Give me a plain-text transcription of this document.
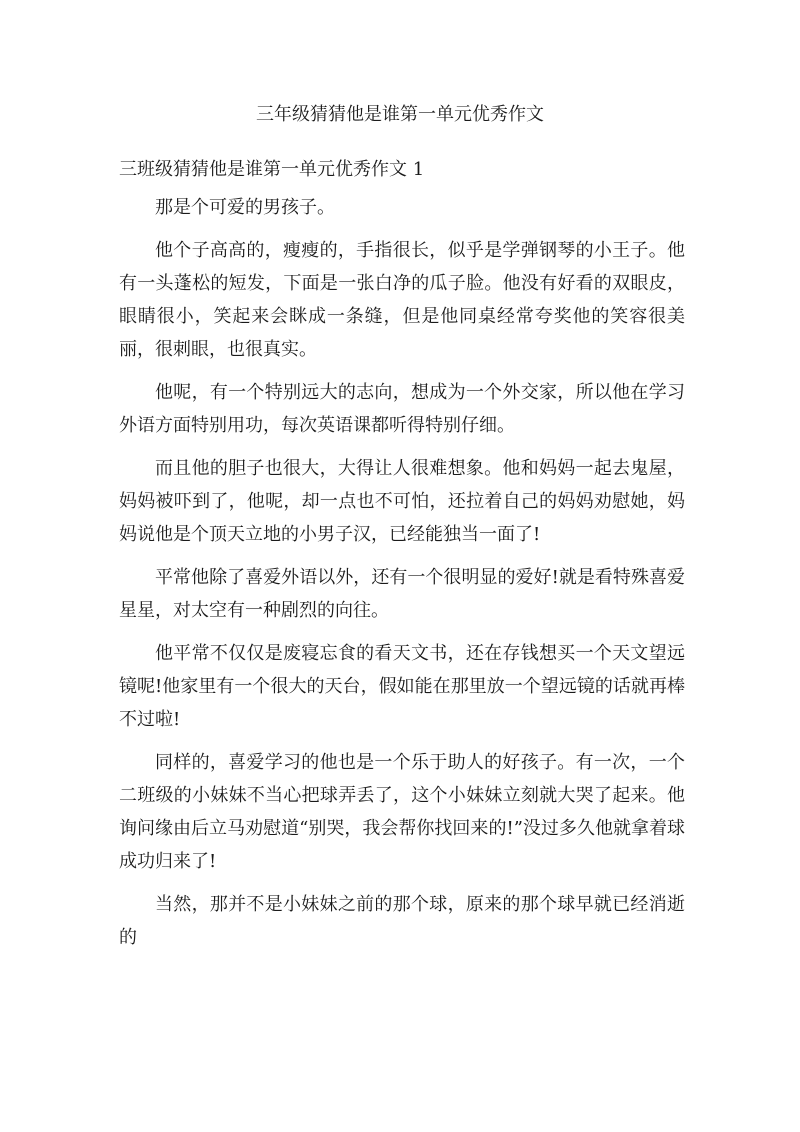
三年级猜猜他是谁第一单元优秀作文
三班级猜猜他是谁第一单元优秀作文 1

那是个可爱的男孩子。

他个子高高的，瘦瘦的，手指很长，似乎是学弹钢琴的小王子。他有一头蓬松的短发，下面是一张白净的瓜子脸。他没有好看的双眼皮，眼睛很小，笑起来会眯成一条缝，但是他同桌经常夸奖他的笑容很美丽，很刺眼，也很真实。

他呢，有一个特别远大的志向，想成为一个外交家，所以他在学习外语方面特别用功，每次英语课都听得特别仔细。

而且他的胆子也很大，大得让人很难想象。他和妈妈一起去鬼屋，妈妈被吓到了，他呢，却一点也不可怕，还拉着自己的妈妈劝慰她，妈妈说他是个顶天立地的小男子汉，已经能独当一面了!

平常他除了喜爱外语以外，还有一个很明显的爱好!就是看特殊喜爱星星，对太空有一种剧烈的向往。

他平常不仅仅是废寝忘食的看天文书，还在存钱想买一个天文望远镜呢!他家里有一个很大的天台，假如能在那里放一个望远镜的话就再棒不过啦!

同样的，喜爱学习的他也是一个乐于助人的好孩子。有一次，一个二班级的小妹妹不当心把球弄丢了，这个小妹妹立刻就大哭了起来。他询问缘由后立马劝慰道“别哭，我会帮你找回来的!”没过多久他就拿着球成功归来了!

当然，那并不是小妹妹之前的那个球，原来的那个球早就已经消逝的
